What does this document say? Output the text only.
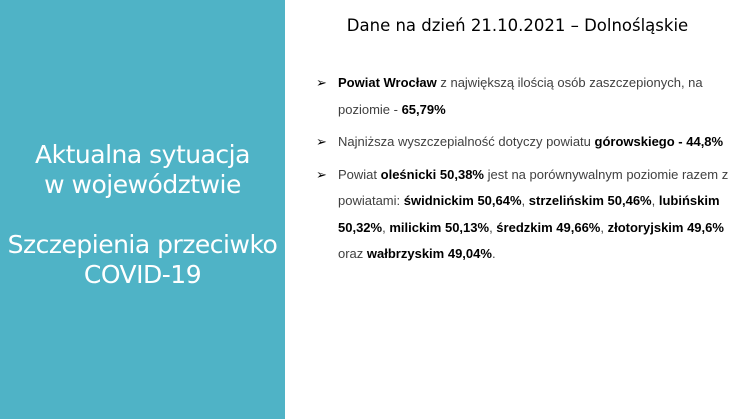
Aktualna sytuacja
w województwie
Szczepienia przeciwko
COVID-19
Dane na dzień 21.10.2021 – Dolnośląskie
➢ Powiat Wrocław z największą ilością osób zaszczepionych, na poziomie - 65,79%
➢ Najniższa wyszczepialność dotyczy powiatu górowskiego - 44,8%
➢ Powiat oleśnicki 50,38% jest na porównywalnym poziomie razem z powiatami: świdnickim 50,64%, strzelińskim 50,46%, lubińskim 50,32%, milickim 50,13%, średzkim 49,66%, złotoryjskim 49,6% oraz wałbrzyskim 49,04%.
